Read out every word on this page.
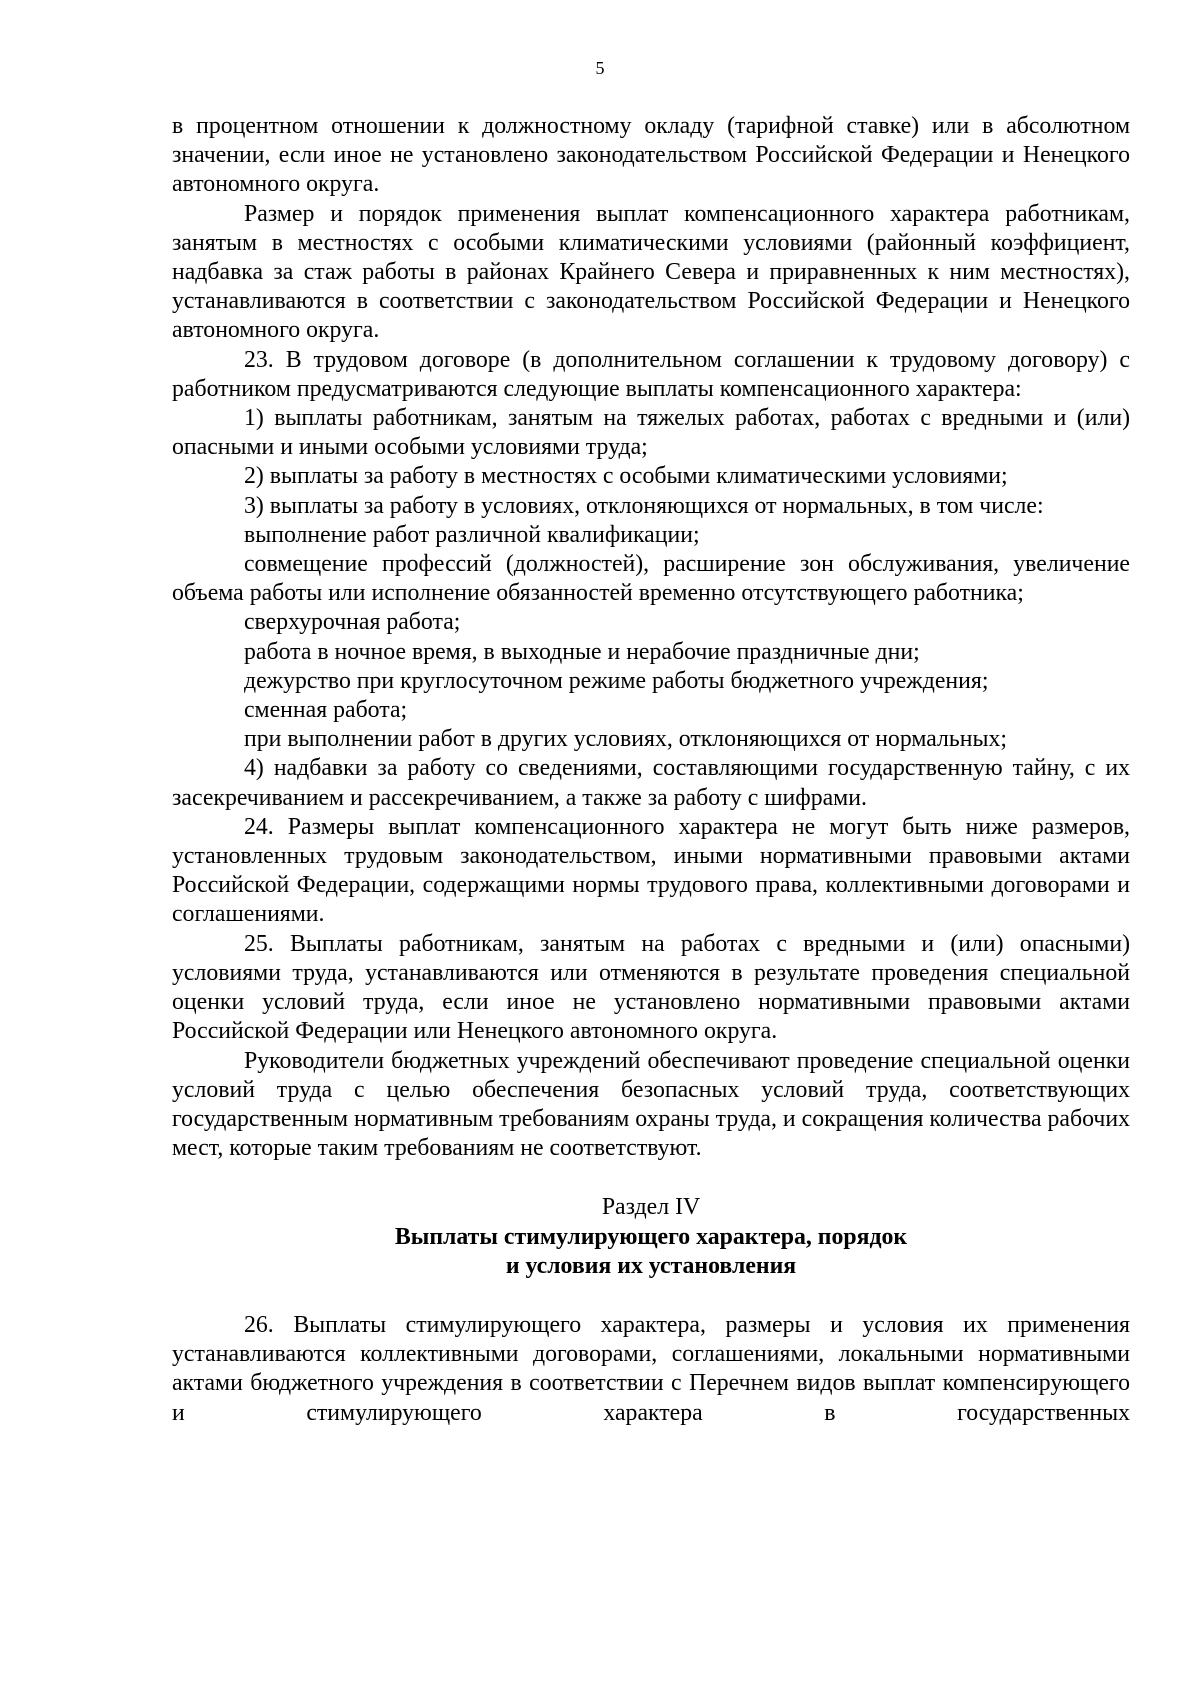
5

в процентном отношении к должностному окладу (тарифной ставке) или в абсолютном значении, если иное не установлено законодательством Российской Федерации и Ненецкого автономного округа.

Размер и порядок применения выплат компенсационного характера работникам, занятым в местностях с особыми климатическими условиями (районный коэффициент, надбавка за стаж работы в районах Крайнего Севера и приравненных к ним местностях), устанавливаются в соответствии с законодательством Российской Федерации и Ненецкого автономного округа.

23. В трудовом договоре (в дополнительном соглашении к трудовому договору) с работником предусматриваются следующие выплаты компенсационного характера:

1) выплаты работникам, занятым на тяжелых работах, работах с вредными и (или) опасными и иными особыми условиями труда;

2) выплаты за работу в местностях с особыми климатическими условиями;

3) выплаты за работу в условиях, отклоняющихся от нормальных, в том числе:

выполнение работ различной квалификации;

совмещение профессий (должностей), расширение зон обслуживания, увеличение объема работы или исполнение обязанностей временно отсутствующего работника;

сверхурочная работа;

работа в ночное время, в выходные и нерабочие праздничные дни;

дежурство при круглосуточном режиме работы бюджетного учреждения;

сменная работа;

при выполнении работ в других условиях, отклоняющихся от нормальных;

4) надбавки за работу со сведениями, составляющими государственную тайну, с их засекречиванием и рассекречиванием, а также за работу с шифрами.

24. Размеры выплат компенсационного характера не могут быть ниже размеров, установленных трудовым законодательством, иными нормативными правовыми актами Российской Федерации, содержащими нормы трудового права, коллективными договорами и соглашениями.

25. Выплаты работникам, занятым на работах с вредными и (или) опасными) условиями труда, устанавливаются или отменяются в результате проведения специальной оценки условий труда, если иное не установлено нормативными правовыми актами Российской Федерации или Ненецкого автономного округа.

Руководители бюджетных учреждений обеспечивают проведение специальной оценки условий труда с целью обеспечения безопасных условий труда, соответствующих государственным нормативным требованиям охраны труда, и сокращения количества рабочих мест, которые таким требованиям не соответствуют.

Раздел IV
Выплаты стимулирующего характера, порядок
и условия их установления

26. Выплаты стимулирующего характера, размеры и условия их применения устанавливаются коллективными договорами, соглашениями, локальными нормативными актами бюджетного учреждения в соответствии с Перечнем видов выплат компенсирующего и стимулирующего характера в государственных
